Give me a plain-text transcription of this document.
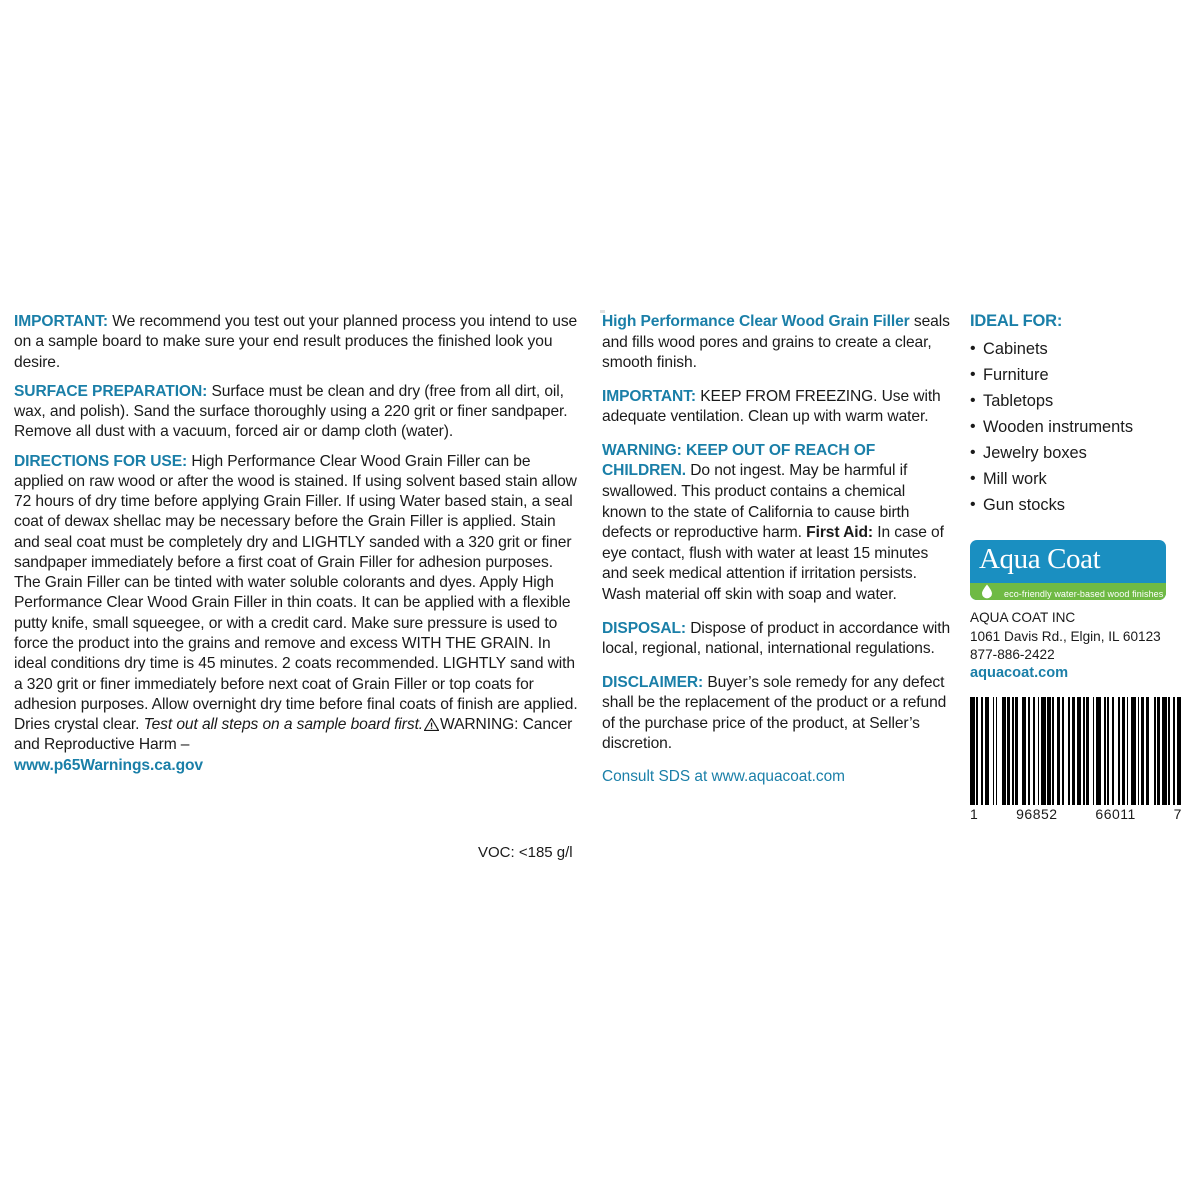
IMPORTANT: We recommend you test out your planned process you intend to use on a sample board to make sure your end result produces the finished look you desire.

SURFACE PREPARATION: Surface must be clean and dry (free from all dirt, oil, wax, and polish). Sand the surface thoroughly using a 220 grit or finer sandpaper. Remove all dust with a vacuum, forced air or damp cloth (water).

DIRECTIONS FOR USE: High Performance Clear Wood Grain Filler can be applied on raw wood or after the wood is stained. If using solvent based stain allow 72 hours of dry time before applying Grain Filler. If using Water based stain, a seal coat of dewax shellac may be necessary before the Grain Filler is applied. Stain and seal coat must be completely dry and LIGHTLY sanded with a 320 grit or finer sandpaper immediately before a first coat of Grain Filler for adhesion purposes. The Grain Filler can be tinted with water soluble colorants and dyes. Apply High Performance Clear Wood Grain Filler in thin coats. It can be applied with a flexible putty knife, small squeegee, or with a credit card. Make sure pressure is used to force the product into the grains and remove and excess WITH THE GRAIN. In ideal conditions dry time is 45 minutes. 2 coats recommended. LIGHTLY sand with a 320 grit or finer immediately before next coat of Grain Filler or top coats for adhesion purposes. Allow overnight dry time before final coats of finish are applied. Dries crystal clear. Test out all steps on a sample board first. WARNING: Cancer and Reproductive Harm –
www.p65Warnings.ca.gov

VOC: <185 g/l

High Performance Clear Wood Grain Filler seals and fills wood pores and grains to create a clear, smooth finish.

IMPORTANT: KEEP FROM FREEZING. Use with adequate ventilation. Clean up with warm water.

WARNING: KEEP OUT OF REACH OF CHILDREN. Do not ingest. May be harmful if swallowed. This product contains a chemical known to the state of California to cause birth defects or reproductive harm. First Aid: In case of eye contact, flush with water at least 15 minutes and seek medical attention if irritation persists. Wash material off skin with soap and water.

DISPOSAL: Dispose of product in accordance with local, regional, national, international regulations.

DISCLAIMER: Buyer’s sole remedy for any defect shall be the replacement of the product or a refund of the purchase price of the product, at Seller’s discretion.

Consult SDS at www.aquacoat.com
IDEAL FOR:
• Cabinets
• Furniture
• Tabletops
• Wooden instruments
• Jewelry boxes
• Mill work
• Gun stocks
Aqua Coat
eco-friendly water-based wood finishes
AQUA COAT INC
1061 Davis Rd., Elgin, IL 60123
877-886-2422
aquacoat.com
1	96852	66011	7
